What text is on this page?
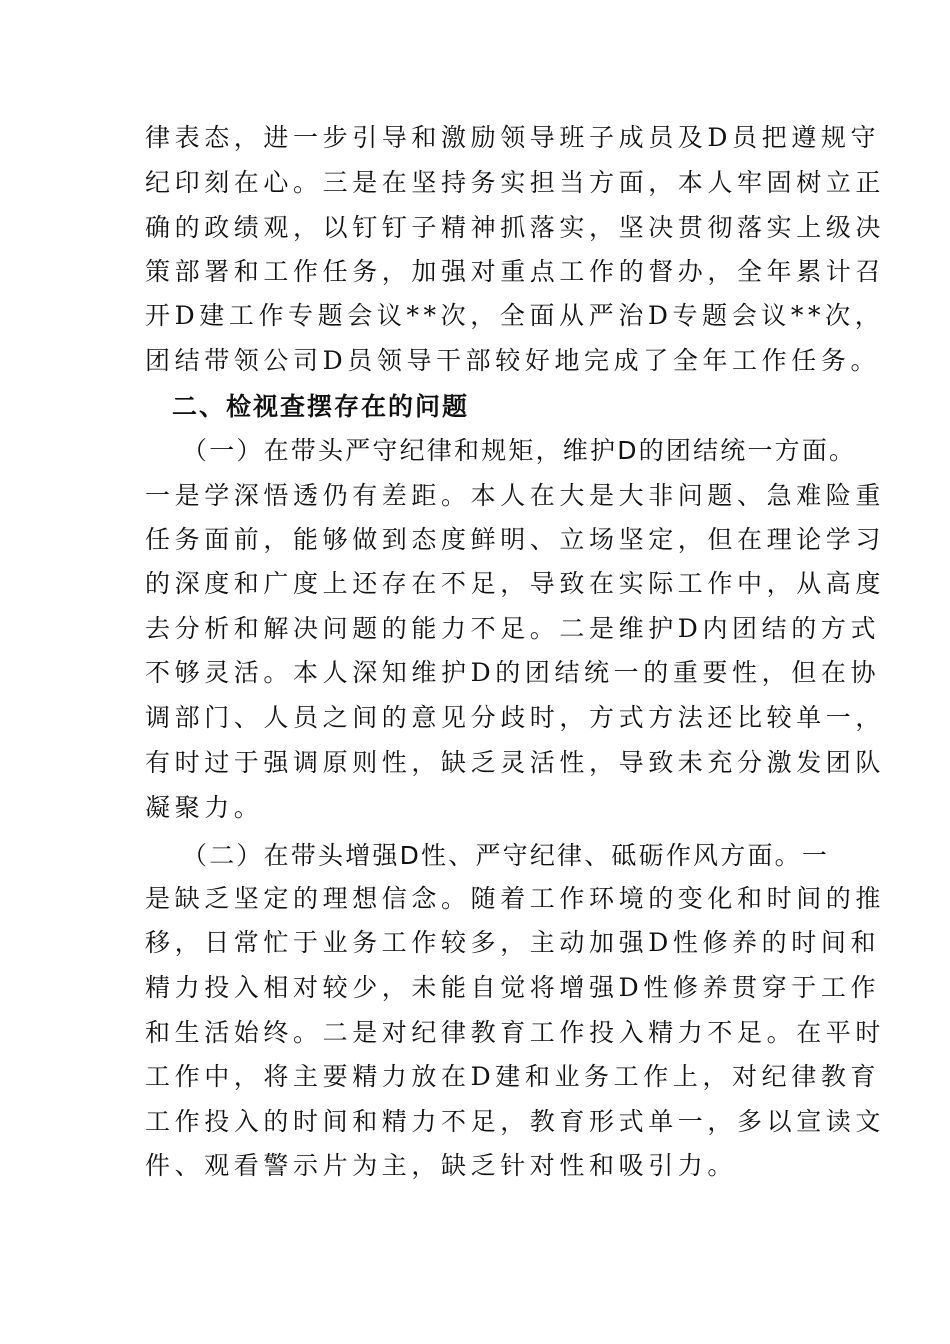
律表态，进一步引导和激励领导班子成员及D员把遵规守
纪印刻在心。三是在坚持务实担当方面，本人牢固树立正
确的政绩观，以钉钉子精神抓落实，坚决贯彻落实上级决
策部署和工作任务，加强对重点工作的督办，全年累计召
开D建工作专题会议**次，全面从严治D专题会议**次，
团结带领公司D员领导干部较好地完成了全年工作任务。
二、检视查摆存在的问题
（一）在带头严守纪律和规矩，维护D的团结统一方面。
一是学深悟透仍有差距。本人在大是大非问题、急难险重
任务面前，能够做到态度鲜明、立场坚定，但在理论学习
的深度和广度上还存在不足，导致在实际工作中，从高度
去分析和解决问题的能力不足。二是维护D内团结的方式
不够灵活。本人深知维护D的团结统一的重要性，但在协
调部门、人员之间的意见分歧时，方式方法还比较单一，
有时过于强调原则性，缺乏灵活性，导致未充分激发团队
凝聚力。
（二）在带头增强D性、严守纪律、砥砺作风方面。一
是缺乏坚定的理想信念。随着工作环境的变化和时间的推
移，日常忙于业务工作较多，主动加强D性修养的时间和
精力投入相对较少，未能自觉将增强D性修养贯穿于工作
和生活始终。二是对纪律教育工作投入精力不足。在平时
工作中，将主要精力放在D建和业务工作上，对纪律教育
工作投入的时间和精力不足，教育形式单一，多以宣读文
件、观看警示片为主，缺乏针对性和吸引力。
